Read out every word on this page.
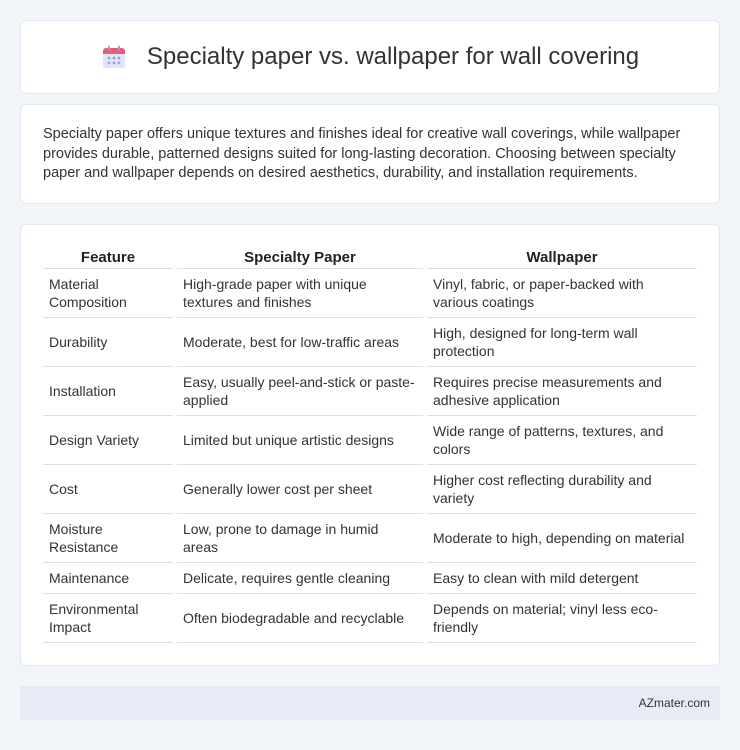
Specialty paper vs. wallpaper for wall covering

Specialty paper offers unique textures and finishes ideal for creative wall coverings, while wallpaper provides durable, patterned designs suited for long-lasting decoration. Choosing between specialty paper and wallpaper depends on desired aesthetics, durability, and installation requirements.

Feature	Specialty Paper	Wallpaper
Material Composition	High-grade paper with unique textures and finishes	Vinyl, fabric, or paper-backed with various coatings
Durability	Moderate, best for low-traffic areas	High, designed for long-term wall protection
Installation	Easy, usually peel-and-stick or paste-applied	Requires precise measurements and adhesive application
Design Variety	Limited but unique artistic designs	Wide range of patterns, textures, and colors
Cost	Generally lower cost per sheet	Higher cost reflecting durability and variety
Moisture Resistance	Low, prone to damage in humid areas	Moderate to high, depending on material
Maintenance	Delicate, requires gentle cleaning	Easy to clean with mild detergent
Environmental Impact	Often biodegradable and recyclable	Depends on material; vinyl less eco-friendly
AZmater.com
